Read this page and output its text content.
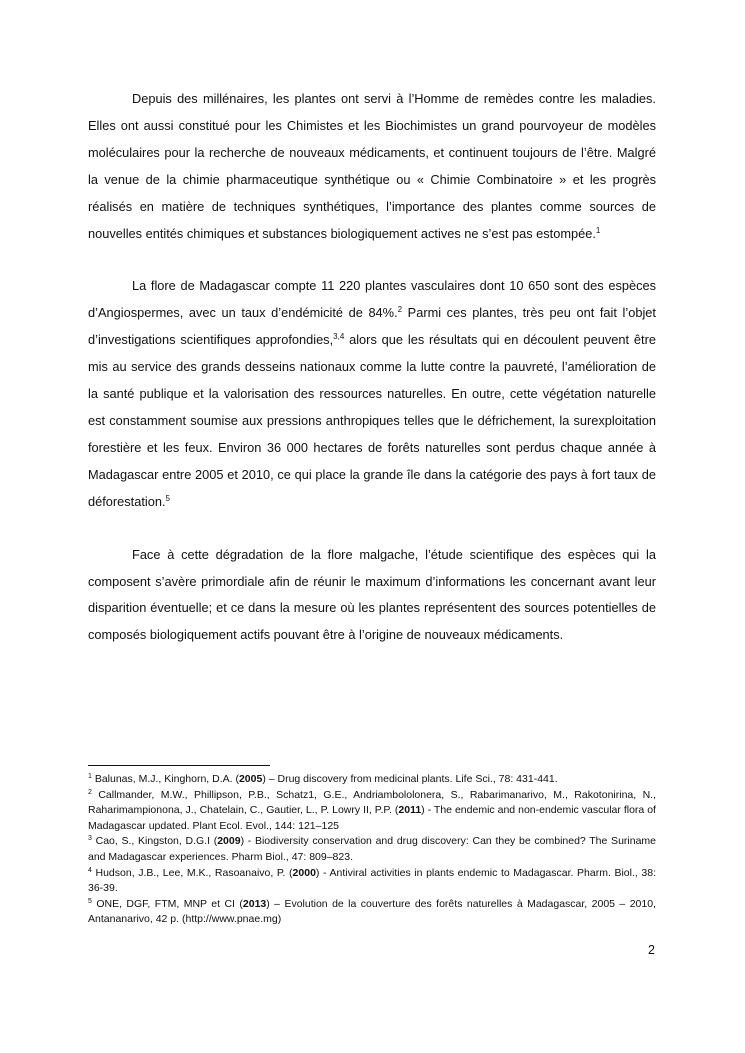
Depuis des millénaires, les plantes ont servi à l’Homme de remèdes contre les maladies. Elles ont aussi constitué pour les Chimistes et les Biochimistes un grand pourvoyeur de modèles moléculaires pour la recherche de nouveaux médicaments, et continuent toujours de l’être. Malgré la venue de la chimie pharmaceutique synthétique ou « Chimie Combinatoire » et les progrès réalisés en matière de techniques synthétiques, l’importance des plantes comme sources de nouvelles entités chimiques et substances biologiquement actives ne s’est pas estompée.$^1$

La flore de Madagascar compte 11 220 plantes vasculaires dont 10 650 sont des espèces d’Angiospermes, avec un taux d’endémicité de 84%.$^2$ Parmi ces plantes, très peu ont fait l’objet d’investigations scientifiques approfondies,$^{3,4}$ alors que les résultats qui en découlent peuvent être mis au service des grands desseins nationaux comme la lutte contre la pauvreté, l’amélioration de la santé publique et la valorisation des ressources naturelles. En outre, cette végétation naturelle est constamment soumise aux pressions anthropiques telles que le défrichement, la surexploitation forestière et les feux. Environ 36 000 hectares de forêts naturelles sont perdus chaque année à Madagascar entre 2005 et 2010, ce qui place la grande île dans la catégorie des pays à fort taux de déforestation.$^5$

Face à cette dégradation de la flore malgache, l’étude scientifique des espèces qui la composent s’avère primordiale afin de réunir le maximum d’informations les concernant avant leur disparition éventuelle; et ce dans la mesure où les plantes représentent des sources potentielles de composés biologiquement actifs pouvant être à l’origine de nouveaux médicaments.

$^1$ Balunas, M.J., Kinghorn, D.A. (2005) – Drug discovery from medicinal plants. Life Sci., 78: 431-441.

$^2$ Callmander, M.W., Phillipson, P.B., Schatz1, G.E., Andriambololonera, S., Rabarimanarivo, M., Rakotonirina, N., Raharimampionona, J., Chatelain, C., Gautier, L., P. Lowry II, P.P. (2011) - The endemic and non-endemic vascular flora of Madagascar updated. Plant Ecol. Evol., 144: 121–125

$^3$ Cao, S., Kingston, D.G.I (2009) - Biodiversity conservation and drug discovery: Can they be combined? The Suriname and Madagascar experiences. Pharm Biol., 47: 809–823.

$^4$ Hudson, J.B., Lee, M.K., Rasoanaivo, P. (2000) - Antiviral activities in plants endemic to Madagascar. Pharm. Biol., 38: 36-39.

$^5$ ONE, DGF, FTM, MNP et CI (2013) – Evolution de la couverture des forêts naturelles à Madagascar, 2005 – 2010, Antananarivo, 42 p. (http://www.pnae.mg)

2
